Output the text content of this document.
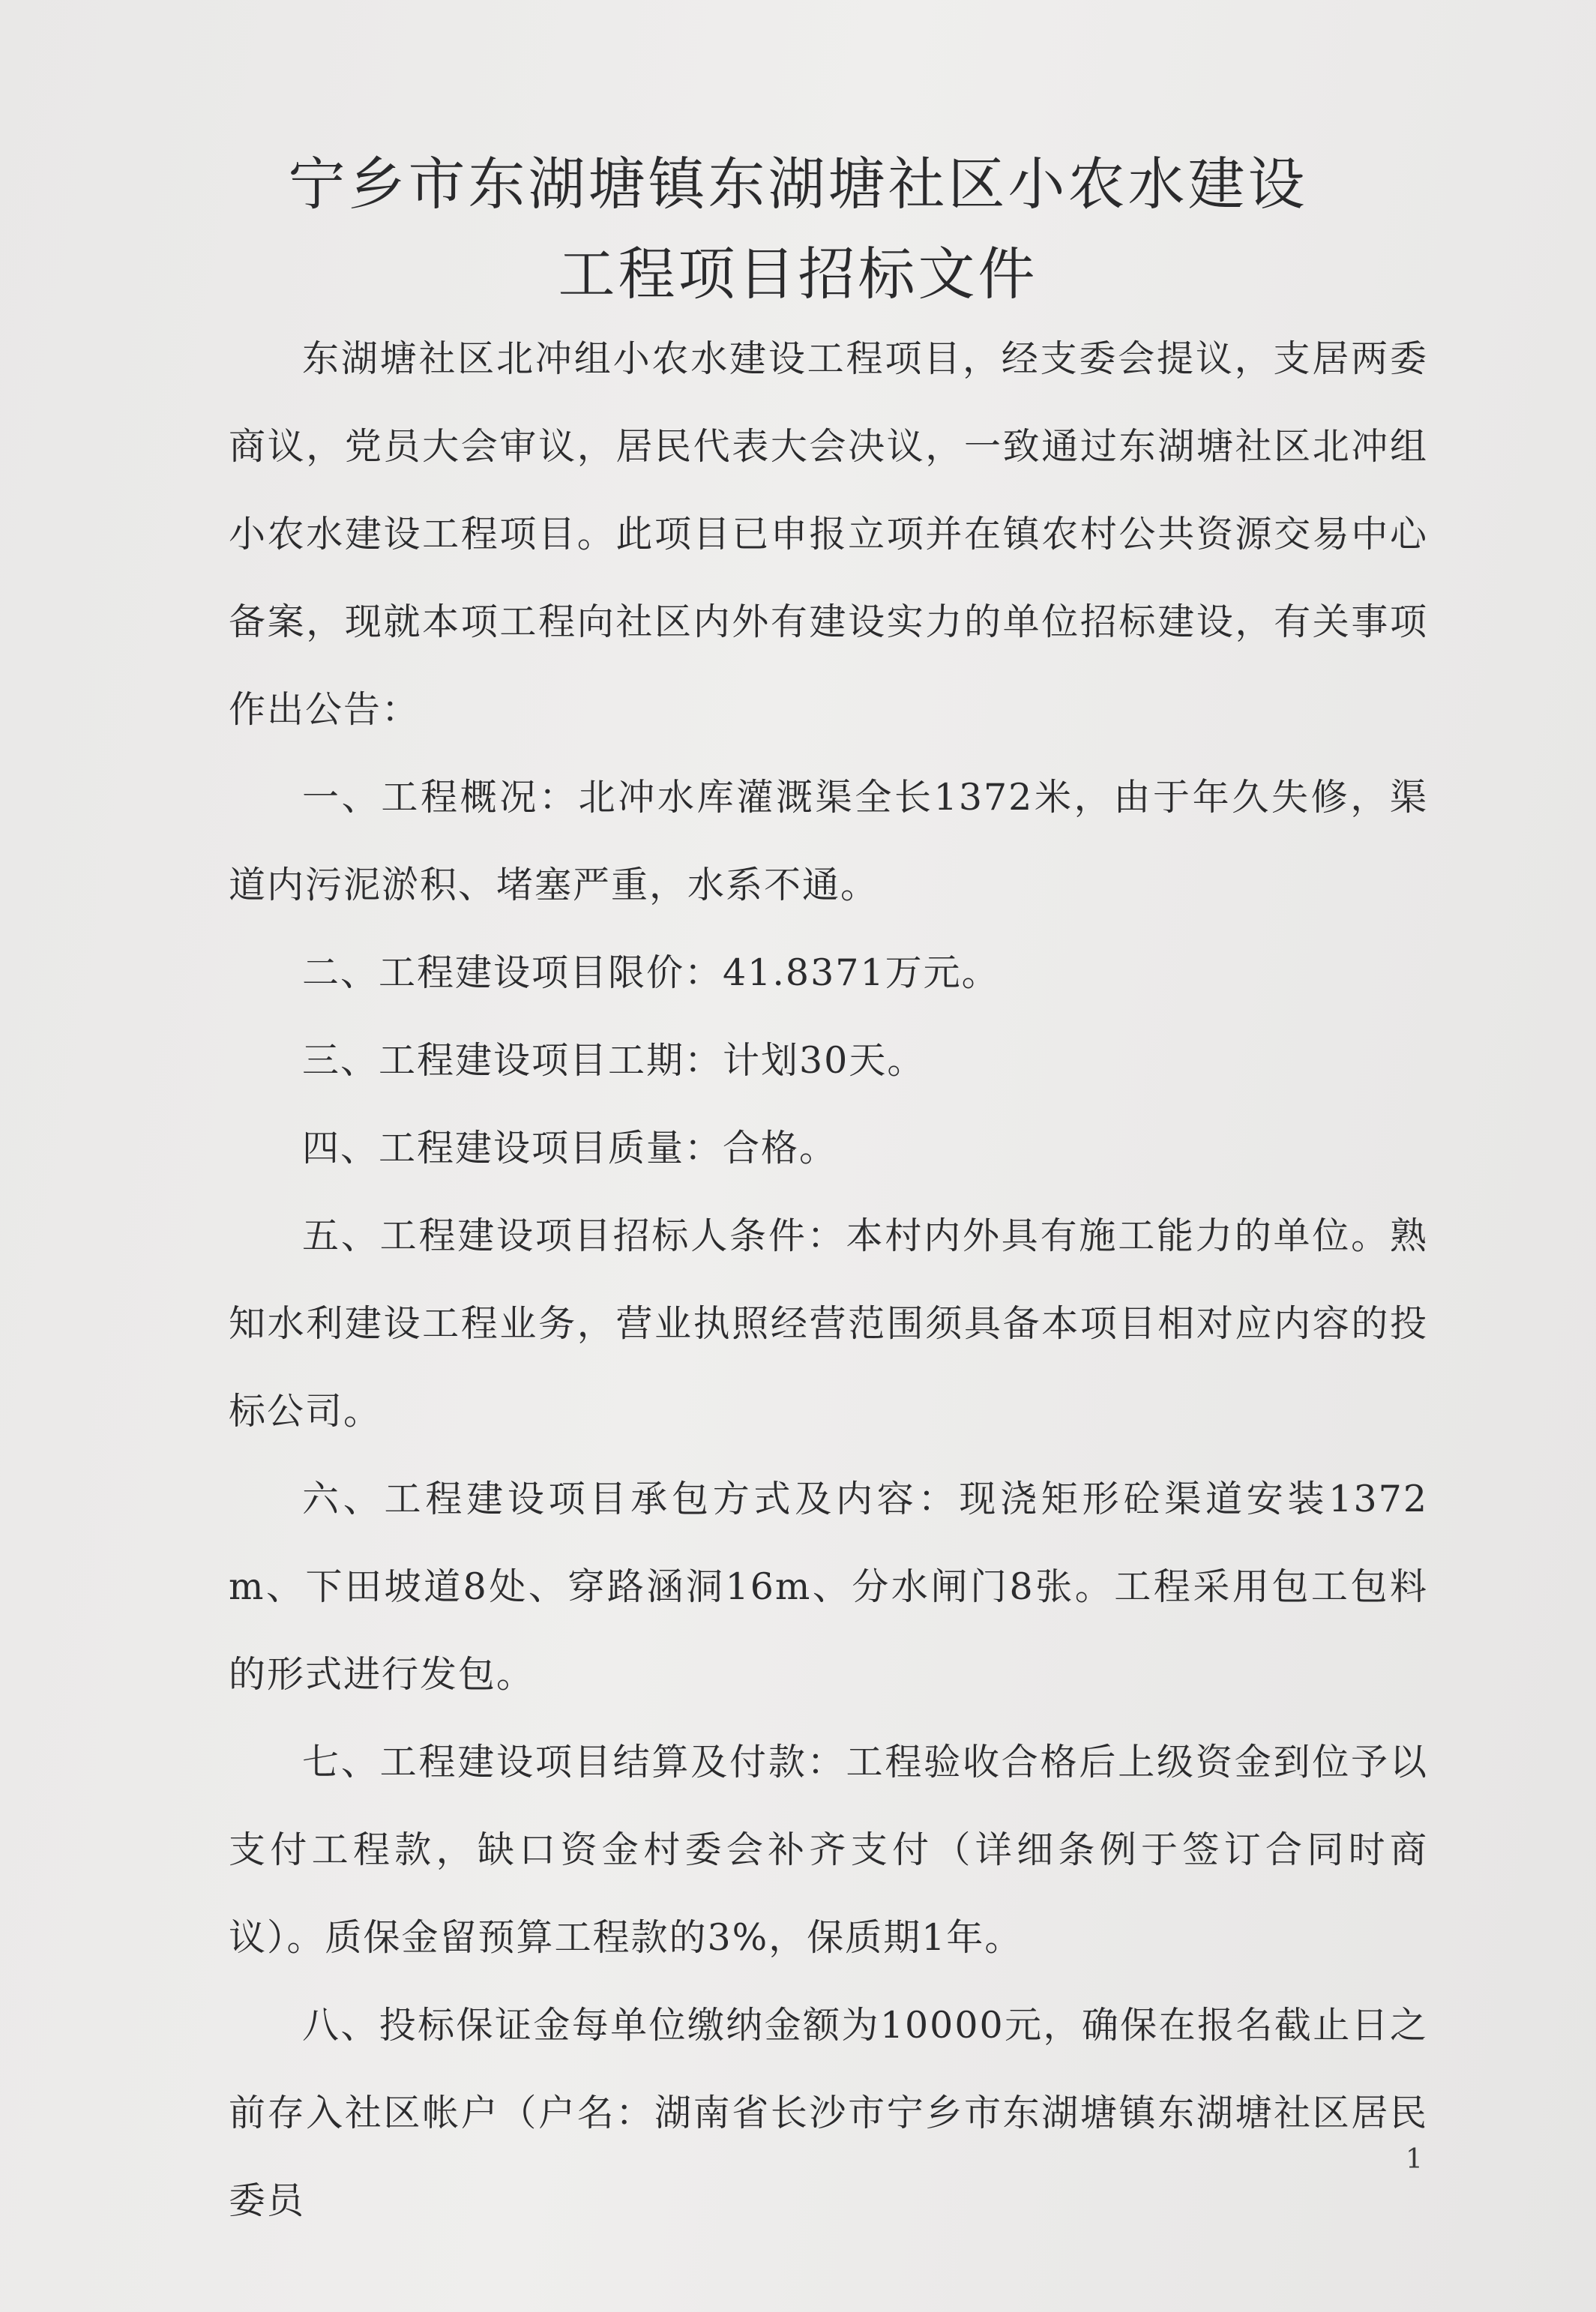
宁乡市东湖塘镇东湖塘社区小农水建设
工程项目招标文件

东湖塘社区北冲组小农水建设工程项目，经支委会提议，支居两委商议，党员大会审议，居民代表大会决议，一致通过东湖塘社区北冲组小农水建设工程项目。此项目已申报立项并在镇农村公共资源交易中心备案，现就本项工程向社区内外有建设实力的单位招标建设，有关事项作出公告：

一、工程概况：北冲水库灌溉渠全长1372米，由于年久失修，渠道内污泥淤积、堵塞严重，水系不通。

二、工程建设项目限价：41.8371万元。

三、工程建设项目工期：计划30天。

四、工程建设项目质量：合格。

五、工程建设项目招标人条件：本村内外具有施工能力的单位。熟知水利建设工程业务，营业执照经营范围须具备本项目相对应内容的投标公司。

六、工程建设项目承包方式及内容：现浇矩形砼渠道安装1372m、下田坡道8处、穿路涵洞16m、分水闸门8张。工程采用包工包料的形式进行发包。

七、工程建设项目结算及付款：工程验收合格后上级资金到位予以支付工程款，缺口资金村委会补齐支付（详细条例于签订合同时商议）。质保金留预算工程款的3%，保质期1年。

八、投标保证金每单位缴纳金额为10000元，确保在报名截止日之前存入社区帐户（户名：湖南省长沙市宁乡市东湖塘镇东湖塘社区居民委员

1
